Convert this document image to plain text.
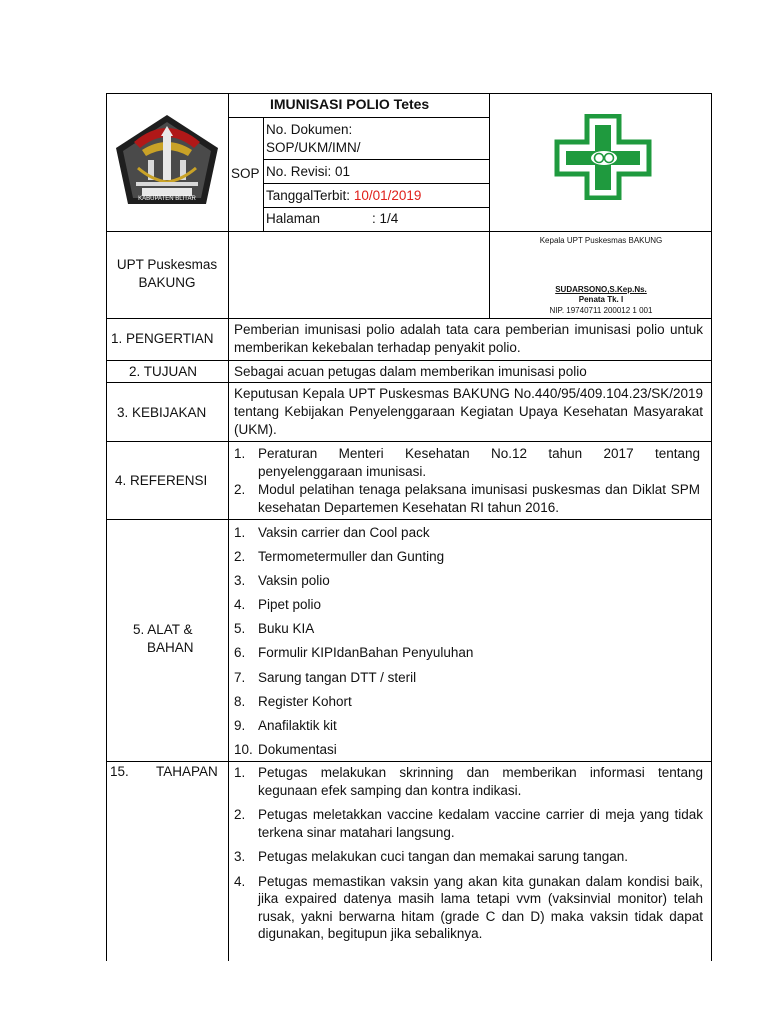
IMUNISASI POLIO Tetes
KABUPATEN BLITAR
SOP
No. Dokumen:
SOP/UKM/IMN/
No. Revisi: 01
TanggalTerbit: 10/01/2019
Halaman	: 1/4
UPT Puskesmas
BAKUNG
Kepala UPT Puskesmas BAKUNG
SUDARSONO,S.Kep.Ns.
Penata Tk. I
NIP. 19740711 200012 1 001
1. PENGERTIAN
Pemberian imunisasi polio adalah tata cara pemberian imunisasi polio untuk memberikan kekebalan terhadap penyakit polio.
2. TUJUAN	Sebagai acuan petugas dalam memberikan imunisasi polio
3. KEBIJAKAN
Keputusan Kepala UPT Puskesmas BAKUNG No.440/95/409.104.23/SK/2019 tentang Kebijakan Penyelenggaraan Kegiatan Upaya Kesehatan Masyarakat (UKM).
4. REFERENSI
1. Peraturan Menteri Kesehatan No.12 tahun 2017 tentang penyelenggaraan imunisasi.
2. Modul pelatihan tenaga pelaksana imunisasi puskesmas dan Diklat SPM kesehatan Departemen Kesehatan RI tahun 2016.
5. ALAT &
BAHAN
1. Vaksin carrier dan Cool pack
2. Termometermuller dan Gunting
3. Vaksin polio
4. Pipet polio
5. Buku KIA
6. Formulir KIPIdanBahan Penyuluhan
7. Sarung tangan DTT / steril
8. Register Kohort
9. Anafilaktik kit
10. Dokumentasi
15. TAHAPAN 1. Petugas melakukan skrinning dan memberikan informasi tentang kegunaan efek samping dan kontra indikasi.
2. Petugas meletakkan vaccine kedalam vaccine carrier di meja yang tidak terkena sinar matahari langsung.
3. Petugas melakukan cuci tangan dan memakai sarung tangan.
4. Petugas memastikan vaksin yang akan kita gunakan dalam kondisi baik, jika expaired datenya masih lama tetapi vvm (vaksinvial monitor) telah rusak, yakni berwarna hitam (grade C dan D) maka vaksin tidak dapat digunakan, begitupun jika sebaliknya.
